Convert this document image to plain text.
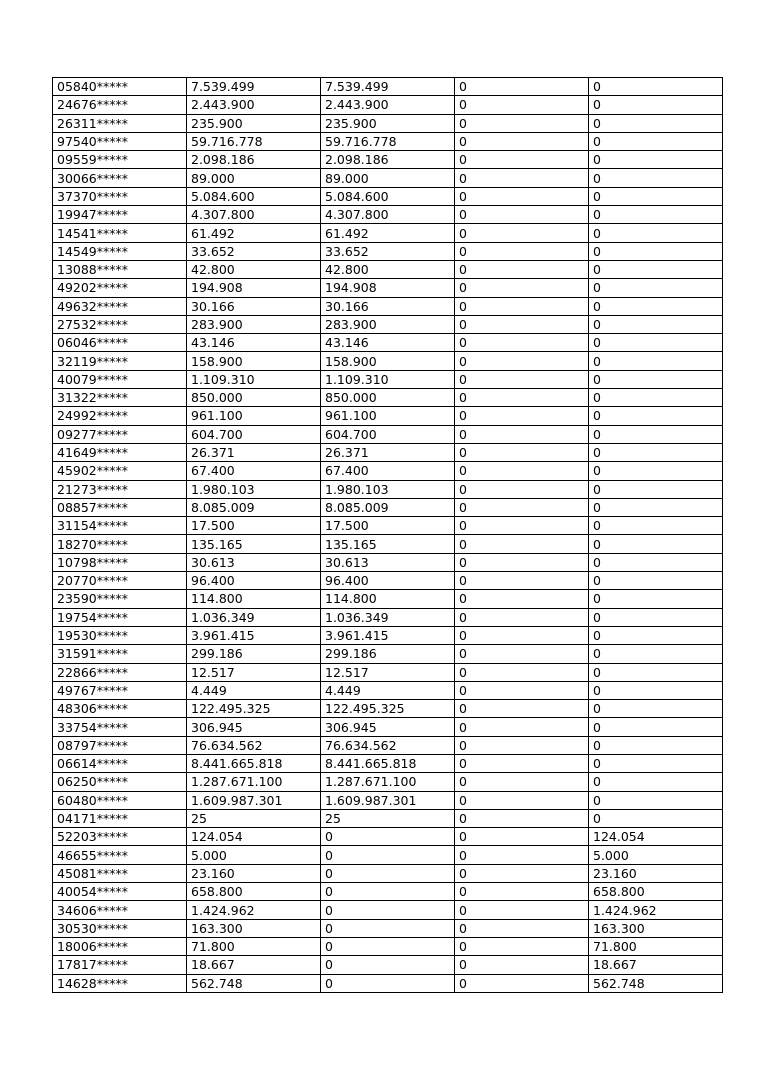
05840*****	7.539.499	7.539.499	0	0
24676*****	2.443.900	2.443.900	0	0
26311*****	235.900	235.900	0	0
97540*****	59.716.778	59.716.778	0	0
09559*****	2.098.186	2.098.186	0	0
30066*****	89.000	89.000	0	0
37370*****	5.084.600	5.084.600	0	0
19947*****	4.307.800	4.307.800	0	0
14541*****	61.492	61.492	0	0
14549*****	33.652	33.652	0	0
13088*****	42.800	42.800	0	0
49202*****	194.908	194.908	0	0
49632*****	30.166	30.166	0	0
27532*****	283.900	283.900	0	0
06046*****	43.146	43.146	0	0
32119*****	158.900	158.900	0	0
40079*****	1.109.310	1.109.310	0	0
31322*****	850.000	850.000	0	0
24992*****	961.100	961.100	0	0
09277*****	604.700	604.700	0	0
41649*****	26.371	26.371	0	0
45902*****	67.400	67.400	0	0
21273*****	1.980.103	1.980.103	0	0
08857*****	8.085.009	8.085.009	0	0
31154*****	17.500	17.500	0	0
18270*****	135.165	135.165	0	0
10798*****	30.613	30.613	0	0
20770*****	96.400	96.400	0	0
23590*****	114.800	114.800	0	0
19754*****	1.036.349	1.036.349	0	0
19530*****	3.961.415	3.961.415	0	0
31591*****	299.186	299.186	0	0
22866*****	12.517	12.517	0	0
49767*****	4.449	4.449	0	0
48306*****	122.495.325	122.495.325	0	0
33754*****	306.945	306.945	0	0
08797*****	76.634.562	76.634.562	0	0
06614*****	8.441.665.818	8.441.665.818	0	0
06250*****	1.287.671.100	1.287.671.100	0	0
60480*****	1.609.987.301	1.609.987.301	0	0
04171*****	25	25	0	0
52203*****	124.054	0	0	124.054
46655*****	5.000	0	0	5.000
45081*****	23.160	0	0	23.160
40054*****	658.800	0	0	658.800
34606*****	1.424.962	0	0	1.424.962
30530*****	163.300	0	0	163.300
18006*****	71.800	0	0	71.800
17817*****	18.667	0	0	18.667
14628*****	562.748	0	0	562.748
